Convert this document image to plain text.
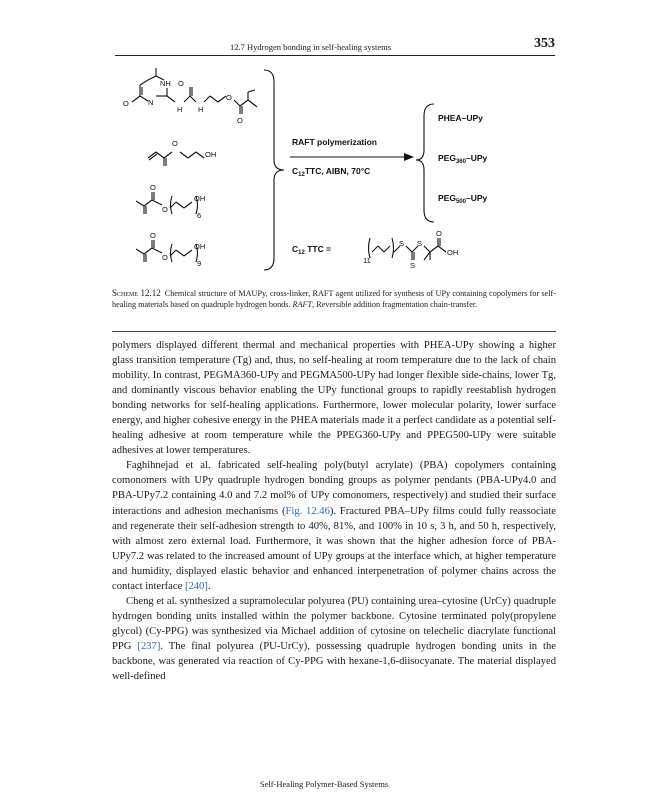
12.7 Hydrogen bonding in self-healing systems	353
NH O
O	N
H H
O
O
O
OH
O
O
OH
6
O
O
OH
9
RAFT polymerization
$C_{12}TTC$, AIBN, 70°C
PHEA–UPy
$PEG_{360}$–UPy
$PEG_{500}$–UPy
$C_{12}$ TTC =
11
S S
S
O
OH
Scheme 12.12 Chemical structure of MAUPy, cross-linker, RAFT agent utilized for synthesis of UPy containing copolymers for self-healing materials based on quadruple hydrogen bonds. RAFT, Reversible addition fragmentation chain-transfer.

polymers displayed different thermal and mechanical properties with PHEA-UPy showing a higher glass transition temperature (Tg) and, thus, no self-healing at room temperature due to the lack of chain mobility. In contrast, PEGMA360-UPy and PEGMA500-UPy had longer flexible side-chains, lower Tg, and dominantly viscous behavior enabling the UPy functional groups to rapidly reestablish hydrogen bonding networks for self-healing applications. Furthermore, lower molecular polarity, lower surface energy, and higher cohesive energy in the PHEA materials made it a perfect candidate as a potential self-healing adhesive at room temperature while the PPEG360-UPy and PPEG500-UPy were suitable adhesives at lower temperatures.

Faghihnejad et al. fabricated self-healing poly(butyl acrylate) (PBA) copolymers containing comonomers with UPy quadruple hydrogen bonding groups as polymer pendants (PBA-UPy4.0 and PBA-UPy7.2 containing 4.0 and 7.2 mol% of UPy comonomers, respectively) and studied their surface interactions and adhesion mechanisms (Fig. 12.46). Fractured PBA–UPy films could fully reassociate and regenerate their self-adhesion strength to 40%, 81%, and 100% in 10 s, 3 h, and 50 h, respectively, with almost zero external load. Furthermore, it was shown that the higher adhesion force of PBA-UPy7.2 was related to the increased amount of UPy groups at the interface which, at higher temperature and humidity, displayed elastic behavior and enhanced interpenetration of polymer chains across the contact interface [240].

Cheng et al. synthesized a supramolecular polyurea (PU) containing urea–cytosine (UrCy) quadruple hydrogen bonding units installed within the polymer backbone. Cytosine terminated poly(propylene glycol) (Cy-PPG) was synthesized via Michael addition of cytosine on telechelic diacrylate functional PPG [237]. The final polyurea (PU-UrCy), possessing quadruple hydrogen bonding units in the backbone, was generated via reaction of Cy-PPG with hexane-1,6-diisocyanate. The material displayed well-defined

Self-Healing Polymer-Based Systems
